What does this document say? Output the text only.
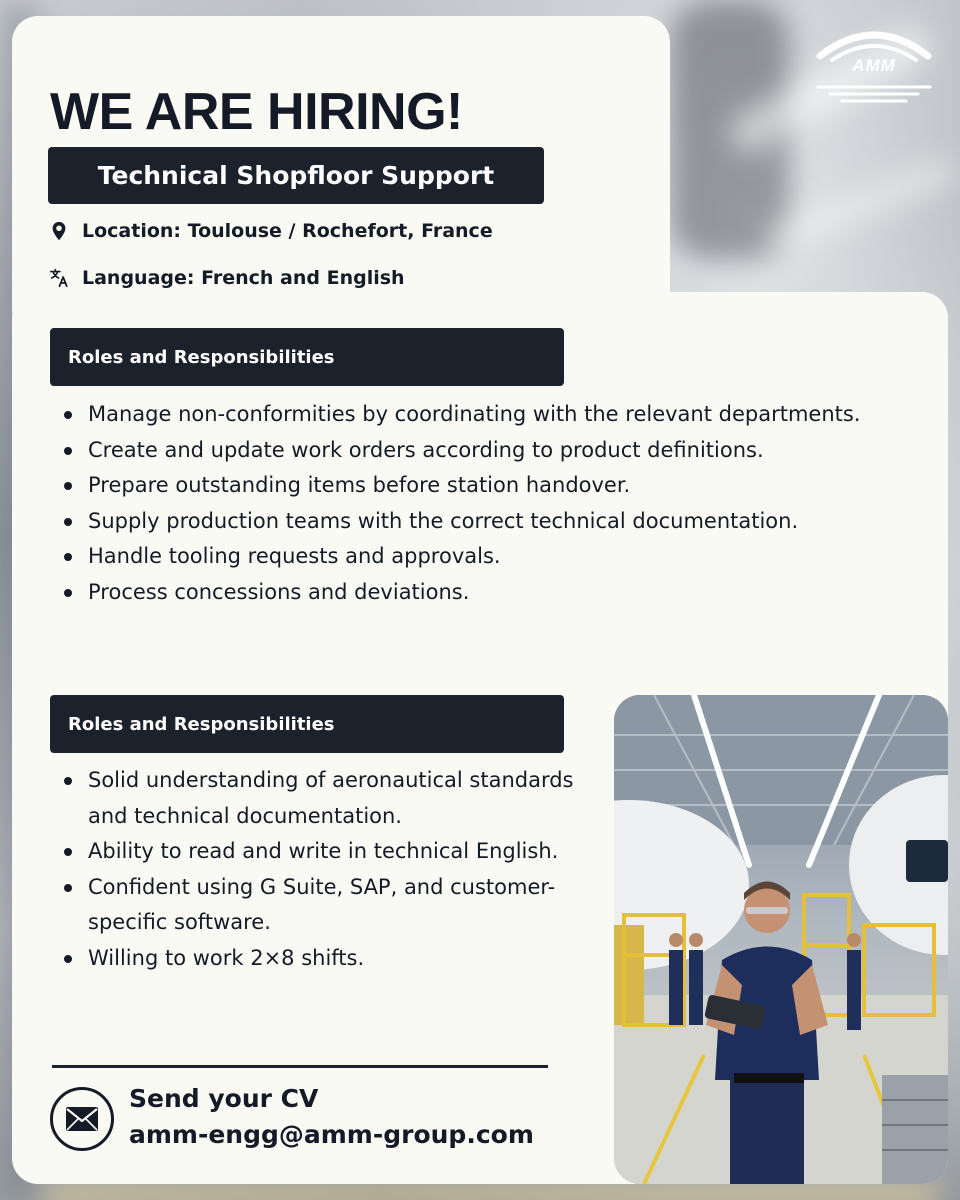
AMM
WE ARE HIRING!
Technical Shopfloor Support
Location: Toulouse / Rochefort, France
Language: French and English
Roles and Responsibilities
Manage non-conformities by coordinating with the relevant departments.
Create and update work orders according to product definitions.
Prepare outstanding items before station handover.
Supply production teams with the correct technical documentation.
Handle tooling requests and approvals.
Process concessions and deviations.
Roles and Responsibilities
Solid understanding of aeronautical standards and technical documentation.
Ability to read and write in technical English.
Confident using G Suite, SAP, and customer-specific software.
Willing to work 2×8 shifts.
Send your CV
amm-engg@amm-group.com
